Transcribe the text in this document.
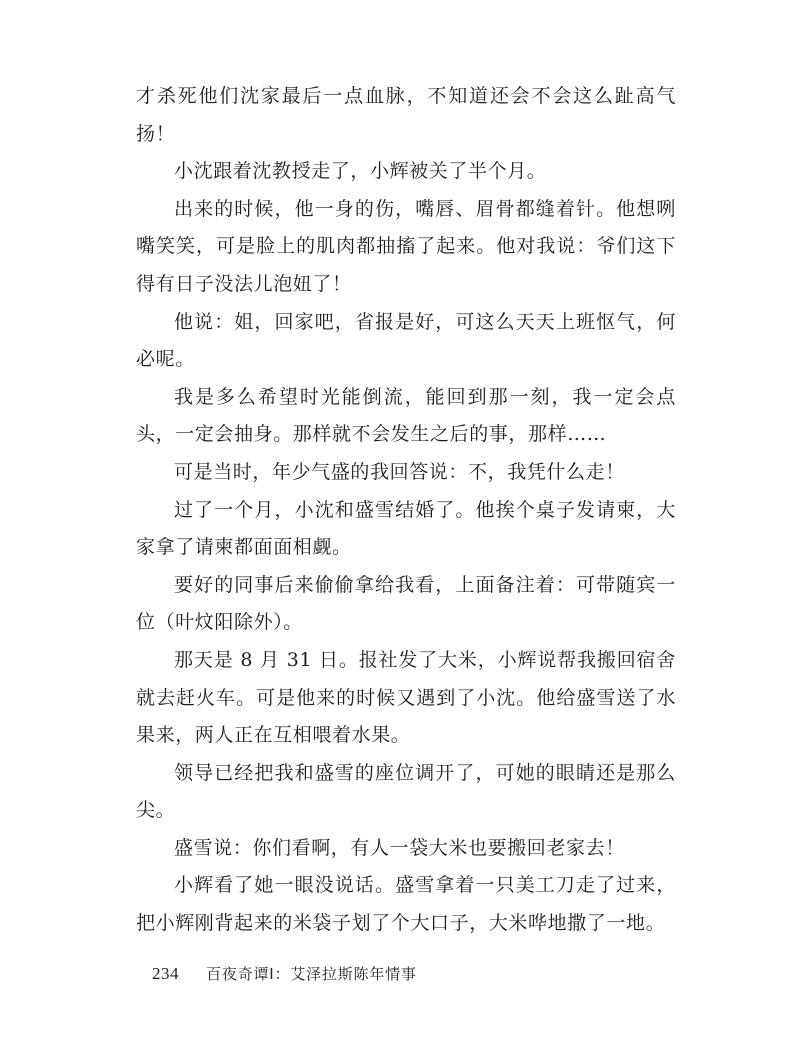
才杀死他们沈家最后一点血脉，不知道还会不会这么趾高气扬！

小沈跟着沈教授走了，小辉被关了半个月。

出来的时候，他一身的伤，嘴唇、眉骨都缝着针。他想咧嘴笑笑，可是脸上的肌肉都抽搐了起来。他对我说：爷们这下得有日子没法儿泡妞了！

他说：姐，回家吧，省报是好，可这么天天上班怄气，何必呢。

我是多么希望时光能倒流，能回到那一刻，我一定会点头，一定会抽身。那样就不会发生之后的事，那样……

可是当时，年少气盛的我回答说：不，我凭什么走！

过了一个月，小沈和盛雪结婚了。他挨个桌子发请柬，大家拿了请柬都面面相觑。

要好的同事后来偷偷拿给我看，上面备注着：可带随宾一位（叶炆阳除外）。

那天是 8 月 31 日。报社发了大米，小辉说帮我搬回宿舍就去赶火车。可是他来的时候又遇到了小沈。他给盛雪送了水果来，两人正在互相喂着水果。

领导已经把我和盛雪的座位调开了，可她的眼睛还是那么尖。

盛雪说：你们看啊，有人一袋大米也要搬回老家去！

小辉看了她一眼没说话。盛雪拿着一只美工刀走了过来，把小辉刚背起来的米袋子划了个大口子，大米哗地撒了一地。

234 百夜奇谭Ⅰ：艾泽拉斯陈年情事
